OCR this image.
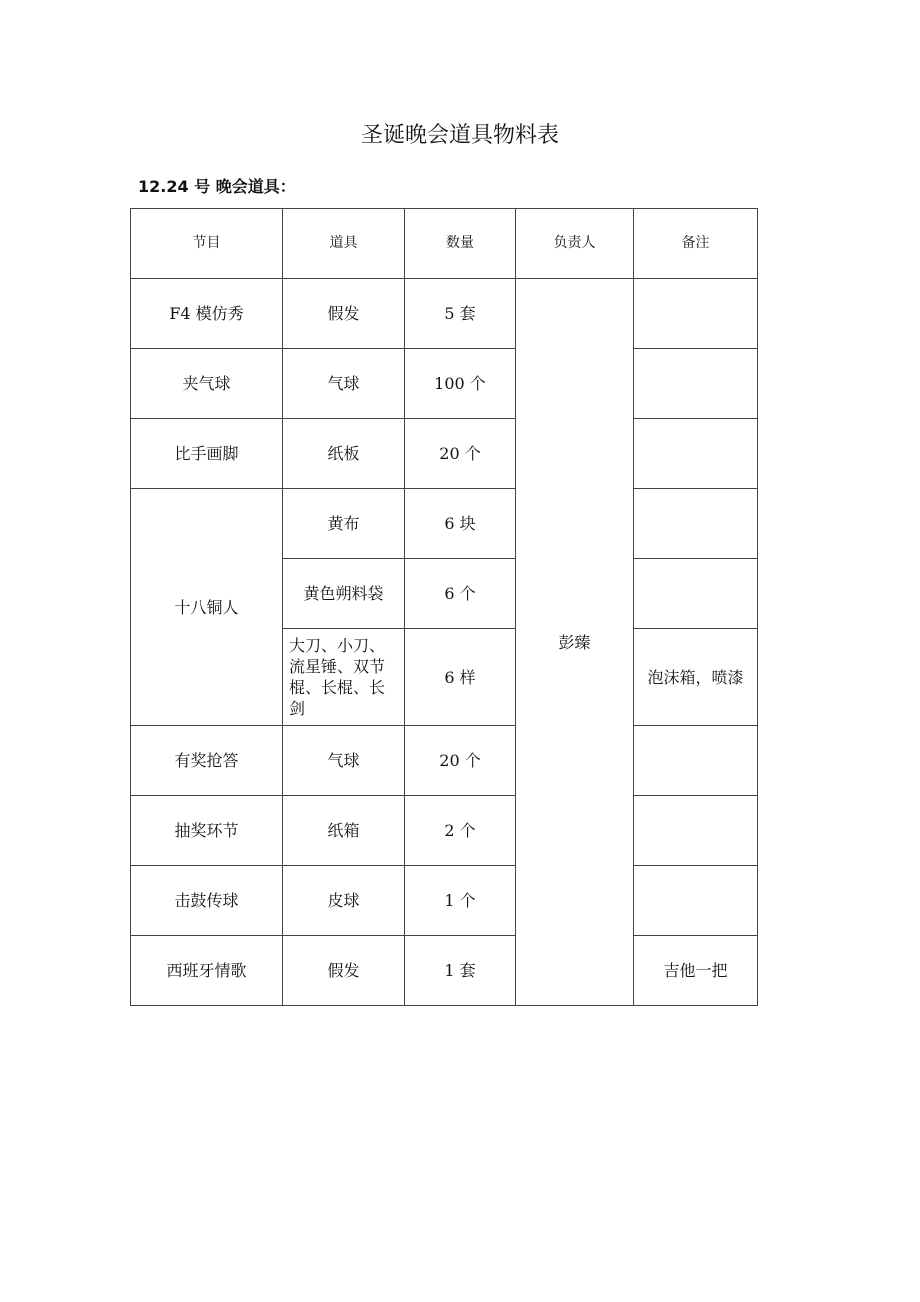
圣诞晚会道具物料表
12.24 号 晚会道具：
节目	道具	数量	负责人	备注
F4 模仿秀	假发	5 套	彭臻	
夹气球	气球	100 个		
比手画脚	纸板	20 个		
十八铜人	黄布	6 块		
	黄色朔料袋	6 个		
	大刀、小刀、流星锤、双节棍、长棍、长剑	6 样		泡沫箱，喷漆
有奖抢答	气球	20 个		
抽奖环节	纸箱	2 个		
击鼓传球	皮球	1 个		
西班牙情歌	假发	1 套		吉他一把
